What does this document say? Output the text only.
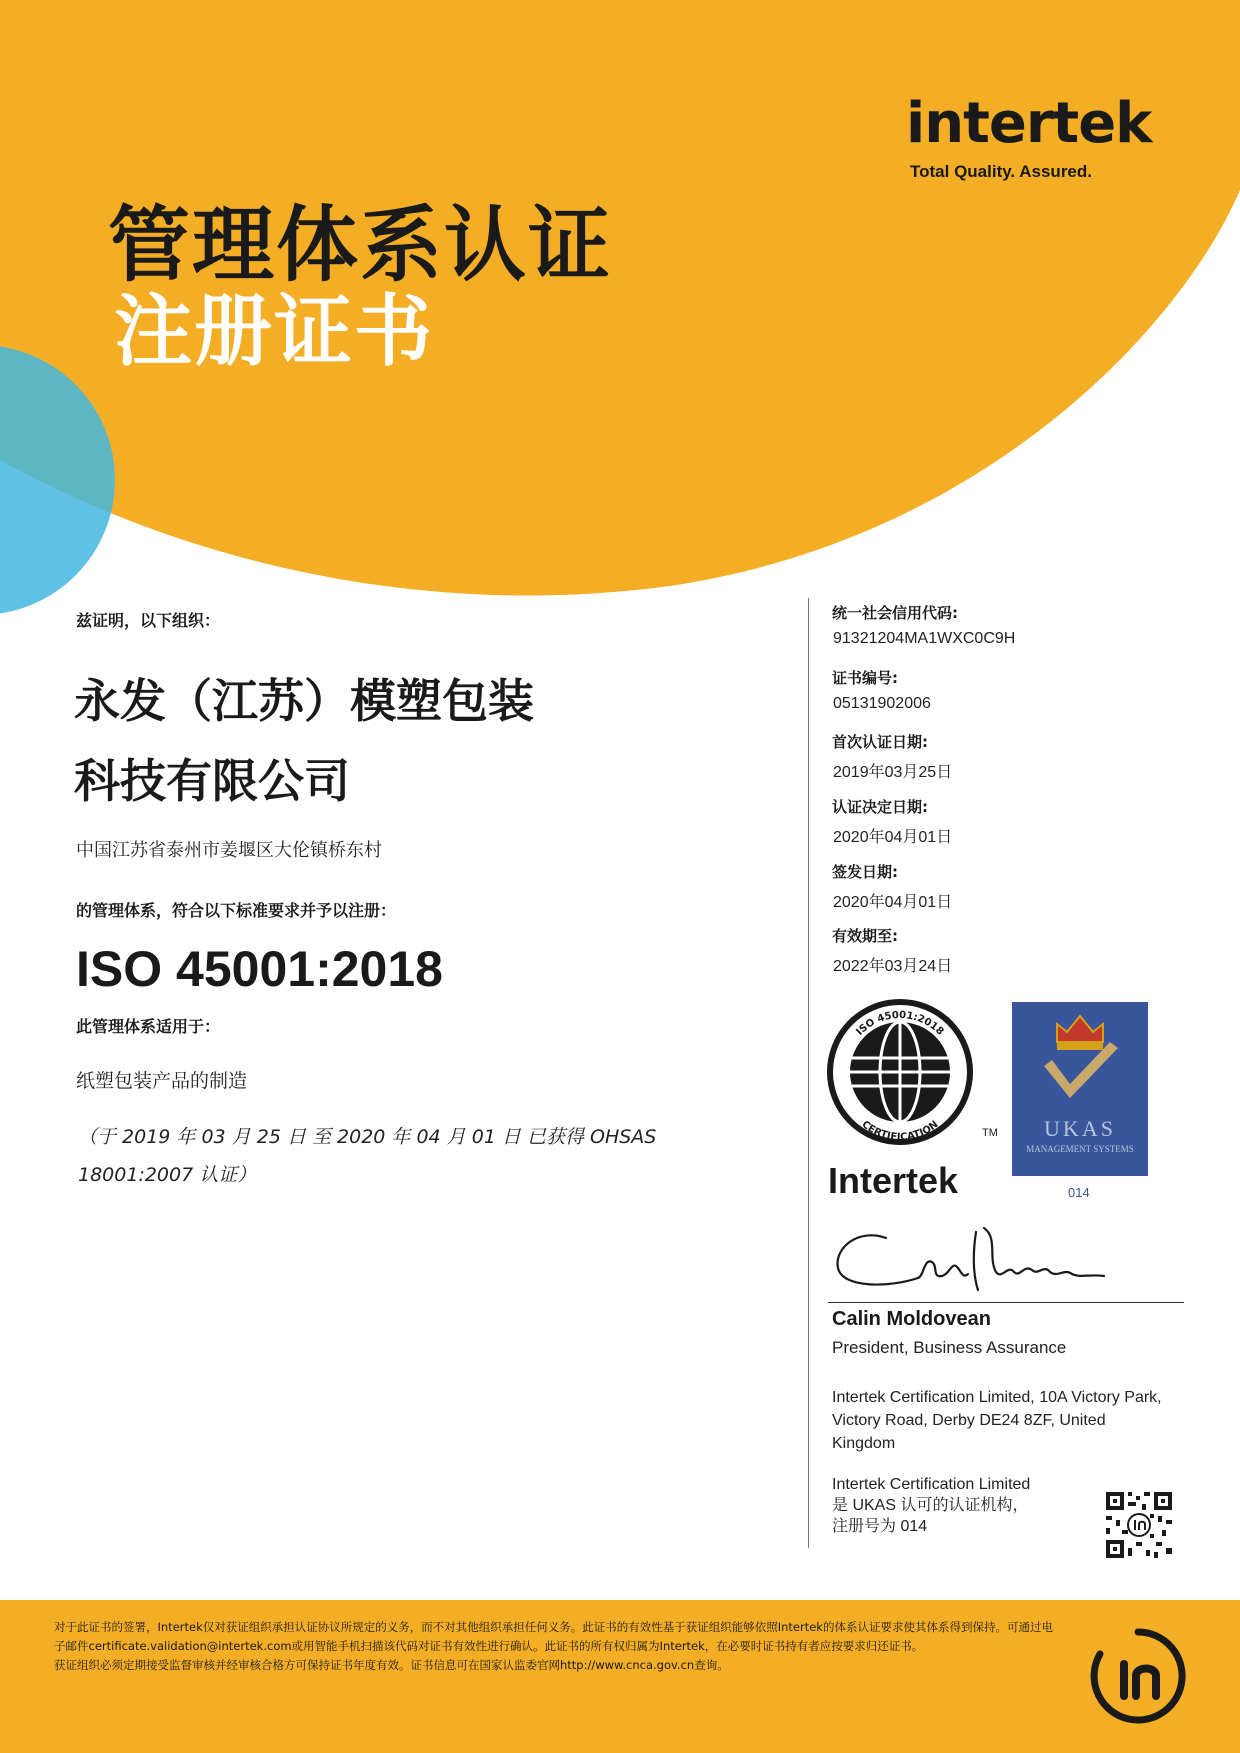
intertek
Total Quality. Assured.
管理体系认证
注册证书
兹证明，以下组织：
永发（江苏）模塑包装
科技有限公司
中国江苏省泰州市姜堰区大伦镇桥东村
的管理体系，符合以下标准要求并予以注册：
ISO 45001:2018
此管理体系适用于：
纸塑包装产品的制造
（于 2019 年 03 月 25 日 至 2020 年 04 月 01 日 已获得 OHSAS 18001:2007 认证）
统一社会信用代码:
91321204MA1WXC0C9H
证书编号:
05131902006
首次认证日期:
2019年03月25日
认证决定日期:
2020年04月01日
签发日期:
2020年04月01日
有效期至:
2022年03月24日
ISO 45001:2018
CERTIFICATION
TM
Intertek
UKAS
MANAGEMENT SYSTEMS
014
Calin Moldovean
President, Business Assurance
Intertek Certification Limited, 10A Victory Park, Victory Road, Derby DE24 8ZF, United Kingdom
Intertek Certification Limited
是 UKAS 认可的认证机构，
注册号为 014
对于此证书的签署，Intertek仅对获证组织承担认证协议所规定的义务，而不对其他组织承担任何义务。此证书的有效性基于获证组织能够依照Intertek的体系认证要求使其体系得到保持。可通过电子邮件certificate.validation@intertek.com或用智能手机扫描该代码对证书有效性进行确认。此证书的所有权归属为Intertek，在必要时证书持有者应按要求归还证书。
获证组织必须定期接受监督审核并经审核合格方可保持证书年度有效。证书信息可在国家认监委官网http://www.cnca.gov.cn查询。
